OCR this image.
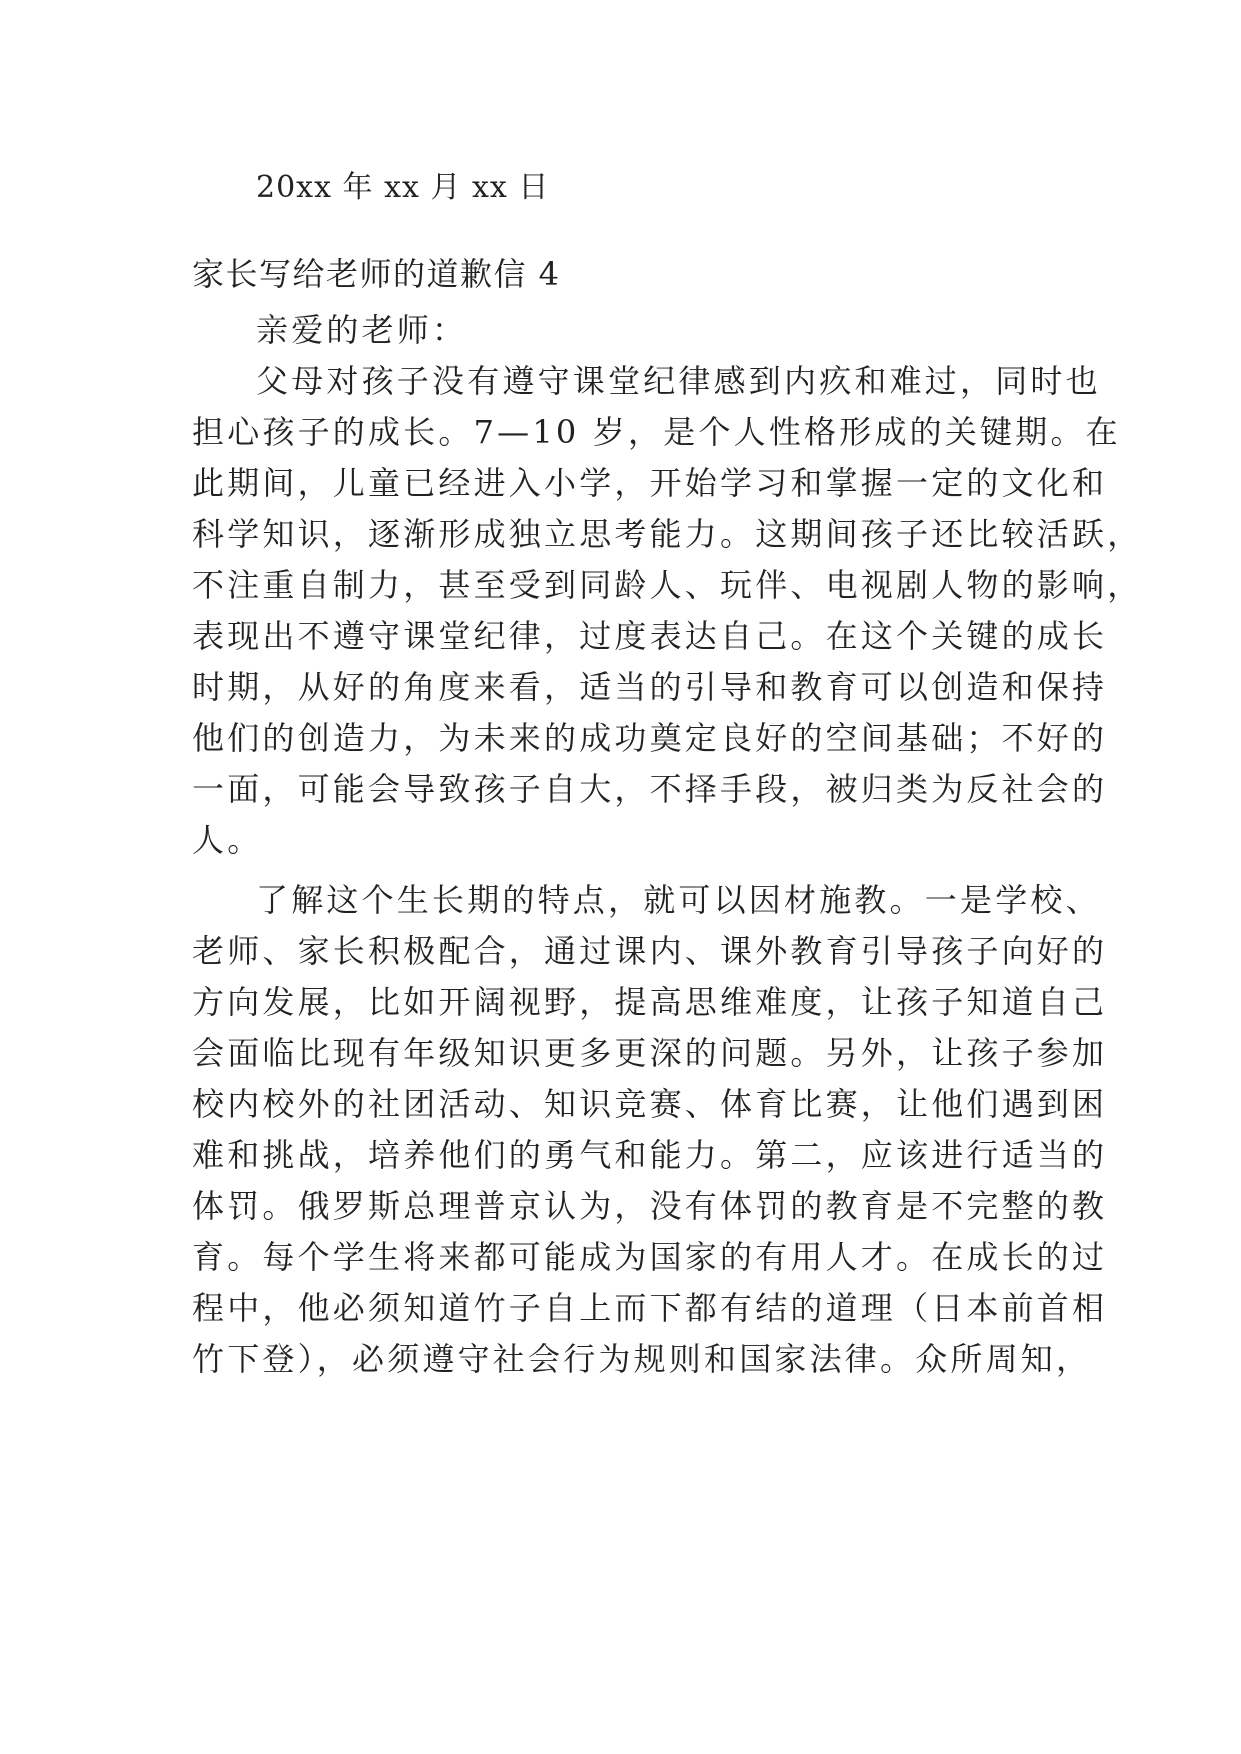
20xx 年 xx 月 xx 日
家长写给老师的道歉信 4
亲爱的老师：
父母对孩子没有遵守课堂纪律感到内疚和难过，同时也
担心孩子的成长。7—10 岁，是个人性格形成的关键期。在
此期间，儿童已经进入小学，开始学习和掌握一定的文化和
科学知识，逐渐形成独立思考能力。这期间孩子还比较活跃，
不注重自制力，甚至受到同龄人、玩伴、电视剧人物的影响，
表现出不遵守课堂纪律，过度表达自己。在这个关键的成长
时期，从好的角度来看，适当的引导和教育可以创造和保持
他们的创造力，为未来的成功奠定良好的空间基础；不好的
一面，可能会导致孩子自大，不择手段，被归类为反社会的
人。
了解这个生长期的特点，就可以因材施教。一是学校、
老师、家长积极配合，通过课内、课外教育引导孩子向好的
方向发展，比如开阔视野，提高思维难度，让孩子知道自己
会面临比现有年级知识更多更深的问题。另外，让孩子参加
校内校外的社团活动、知识竞赛、体育比赛，让他们遇到困
难和挑战，培养他们的勇气和能力。第二，应该进行适当的
体罚。俄罗斯总理普京认为，没有体罚的教育是不完整的教
育。每个学生将来都可能成为国家的有用人才。在成长的过
程中，他必须知道竹子自上而下都有结的道理（日本前首相
竹下登），必须遵守社会行为规则和国家法律。众所周知，
